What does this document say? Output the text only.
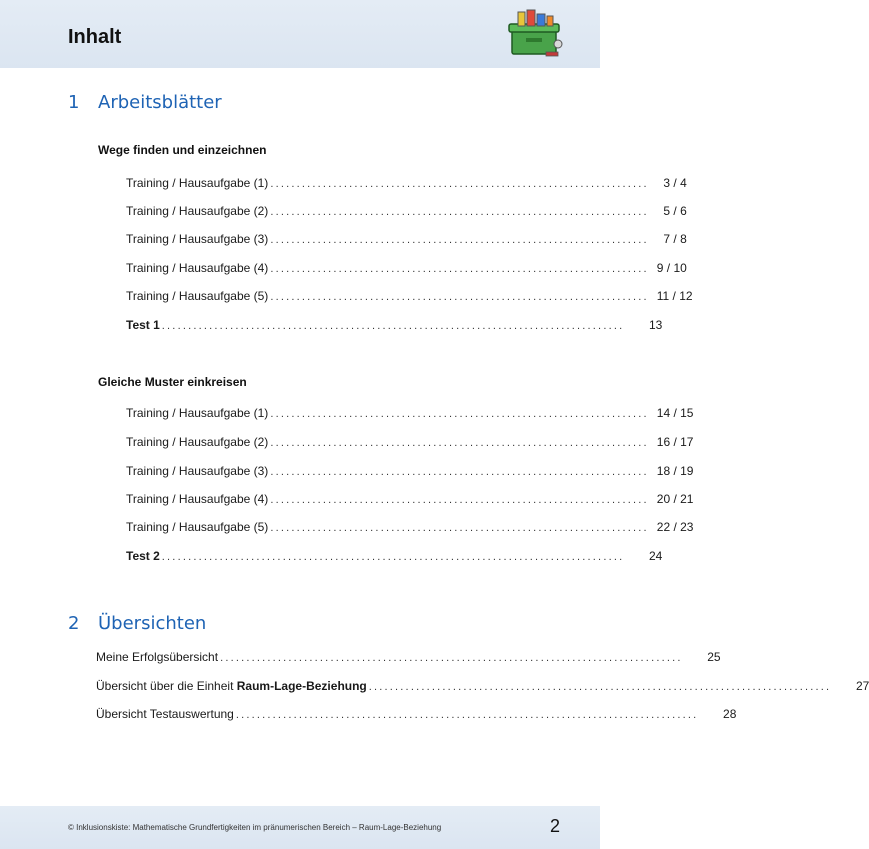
Inhalt
1 Arbeitsblätter
Wege finden und einzeichnen
Training / Hausaufgabe (1) ........................................................................	3 / 4
Training / Hausaufgabe (2) ........................................................................	5 / 6
Training / Hausaufgabe (3) ........................................................................	7 / 8
Training / Hausaufgabe (4) ........................................................................ 9 / 10
Training / Hausaufgabe (5) ........................................................................ 11 / 12
Test 1 ........................................................................................	13
Gleiche Muster einkreisen
Training / Hausaufgabe (1) ........................................................................ 14 / 15
Training / Hausaufgabe (2) ........................................................................ 16 / 17
Training / Hausaufgabe (3) ........................................................................ 18 / 19
Training / Hausaufgabe (4) ........................................................................ 20 / 21
Training / Hausaufgabe (5) ........................................................................ 22 / 23
Test 2 ........................................................................................	24
2 Übersichten
Meine Erfolgsübersicht ........................................................................................	25
Übersicht über die Einheit Raum-Lage-Beziehung ........................................................................................	27
Übersicht Testauswertung ........................................................................................	28
© Inklusionskiste: Mathematische Grundfertigkeiten im pränumerischen Bereich – Raum-Lage-Beziehung	2
